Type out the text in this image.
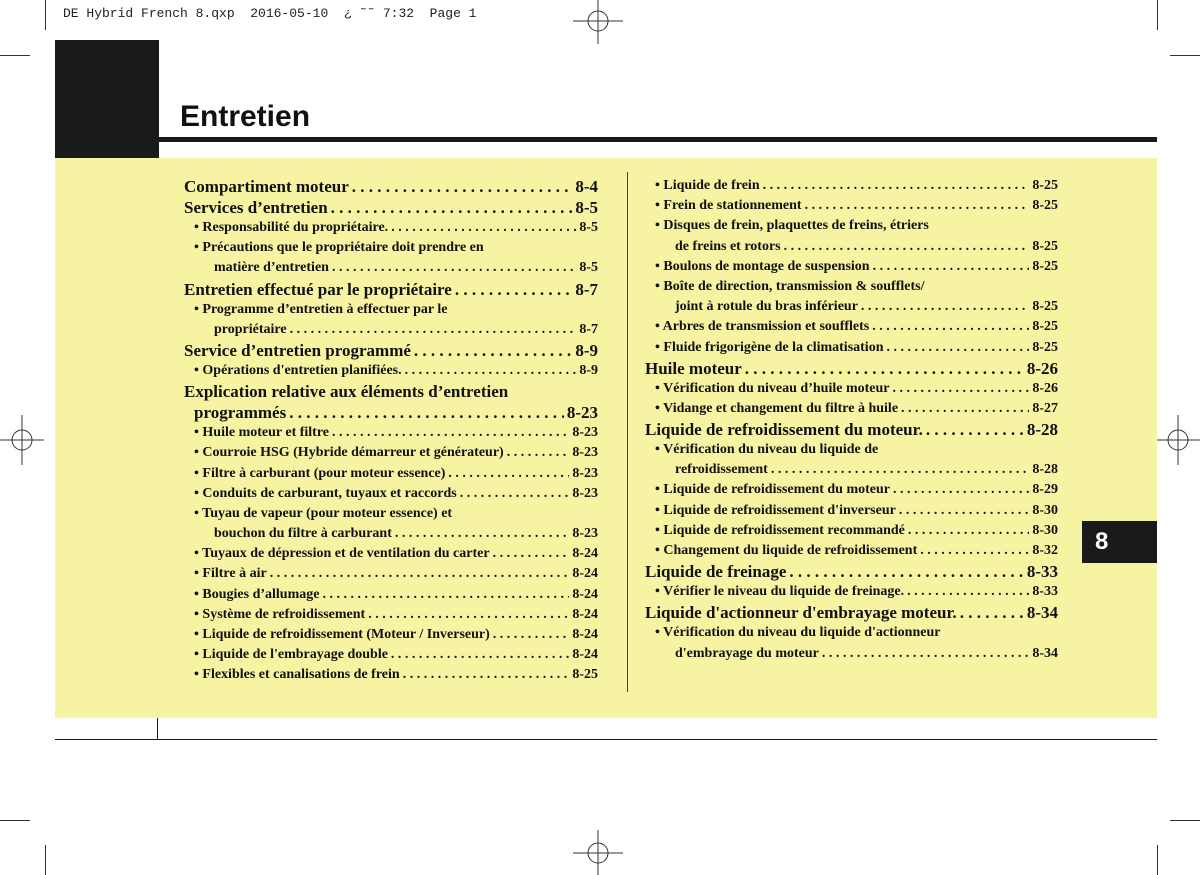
DE Hybrid French 8.qxp  2016-05-10  ¿ ˜˜ 7:32  Page 1
Entretien
8
Compartiment moteur . . .	8-4
Services d’entretien . . .	8-5
• Responsabilité du propriétaire. . . .	8-5
• Précautions que le propriétaire doit prendre en
matière d’entretien . . .	8-5
Entretien effectué par le propriétaire . . .	8-7
• Programme d’entretien à effectuer par le
propriétaire . . .	8-7
Service d’entretien programmé . . .	8-9
• Opérations d'entretien planifiées. . . .	8-9
Explication relative aux éléments d’entretien
programmés . . .	8-23
• Huile moteur et filtre . . .	8-23
• Courroie HSG (Hybride démarreur et générateur) . . .	8-23
• Filtre à carburant (pour moteur essence) . . .	8-23
• Conduits de carburant, tuyaux et raccords . . .	8-23
• Tuyau de vapeur (pour moteur essence) et
bouchon du filtre à carburant . . .	8-23
• Tuyaux de dépression et de ventilation du carter . . .	8-24
• Filtre à air . . .	8-24
• Bougies d’allumage . . .	8-24
• Système de refroidissement . . .	8-24
• Liquide de refroidissement (Moteur / Inverseur) . . .	8-24
• Liquide de l'embrayage double . . .	8-24
• Flexibles et canalisations de frein . . .	8-25
• Liquide de frein . . .	8-25
• Frein de stationnement . . .	8-25
• Disques de frein, plaquettes de freins, étriers
de freins et rotors . . .	8-25
• Boulons de montage de suspension . . .	8-25
• Boîte de direction, transmission & soufflets/
joint à rotule du bras inférieur . . .	8-25
• Arbres de transmission et soufflets . . .	8-25
• Fluide frigorigène de la climatisation . . .	8-25
Huile moteur . . .	8-26
• Vérification du niveau d’huile moteur . . .	8-26
• Vidange et changement du filtre à huile . . .	8-27
Liquide de refroidissement du moteur. . . .	8-28
• Vérification du niveau du liquide de
refroidissement . . .	8-28
• Liquide de refroidissement du moteur . . .	8-29
• Liquide de refroidissement d'inverseur . . .	8-30
• Liquide de refroidissement recommandé . . .	8-30
• Changement du liquide de refroidissement . . .	8-32
Liquide de freinage . . .	8-33
• Vérifier le niveau du liquide de freinage. . . .	8-33
Liquide d'actionneur d'embrayage moteur. . . .	8-34
• Vérification du niveau du liquide d'actionneur
d'embrayage du moteur . . .	8-34
